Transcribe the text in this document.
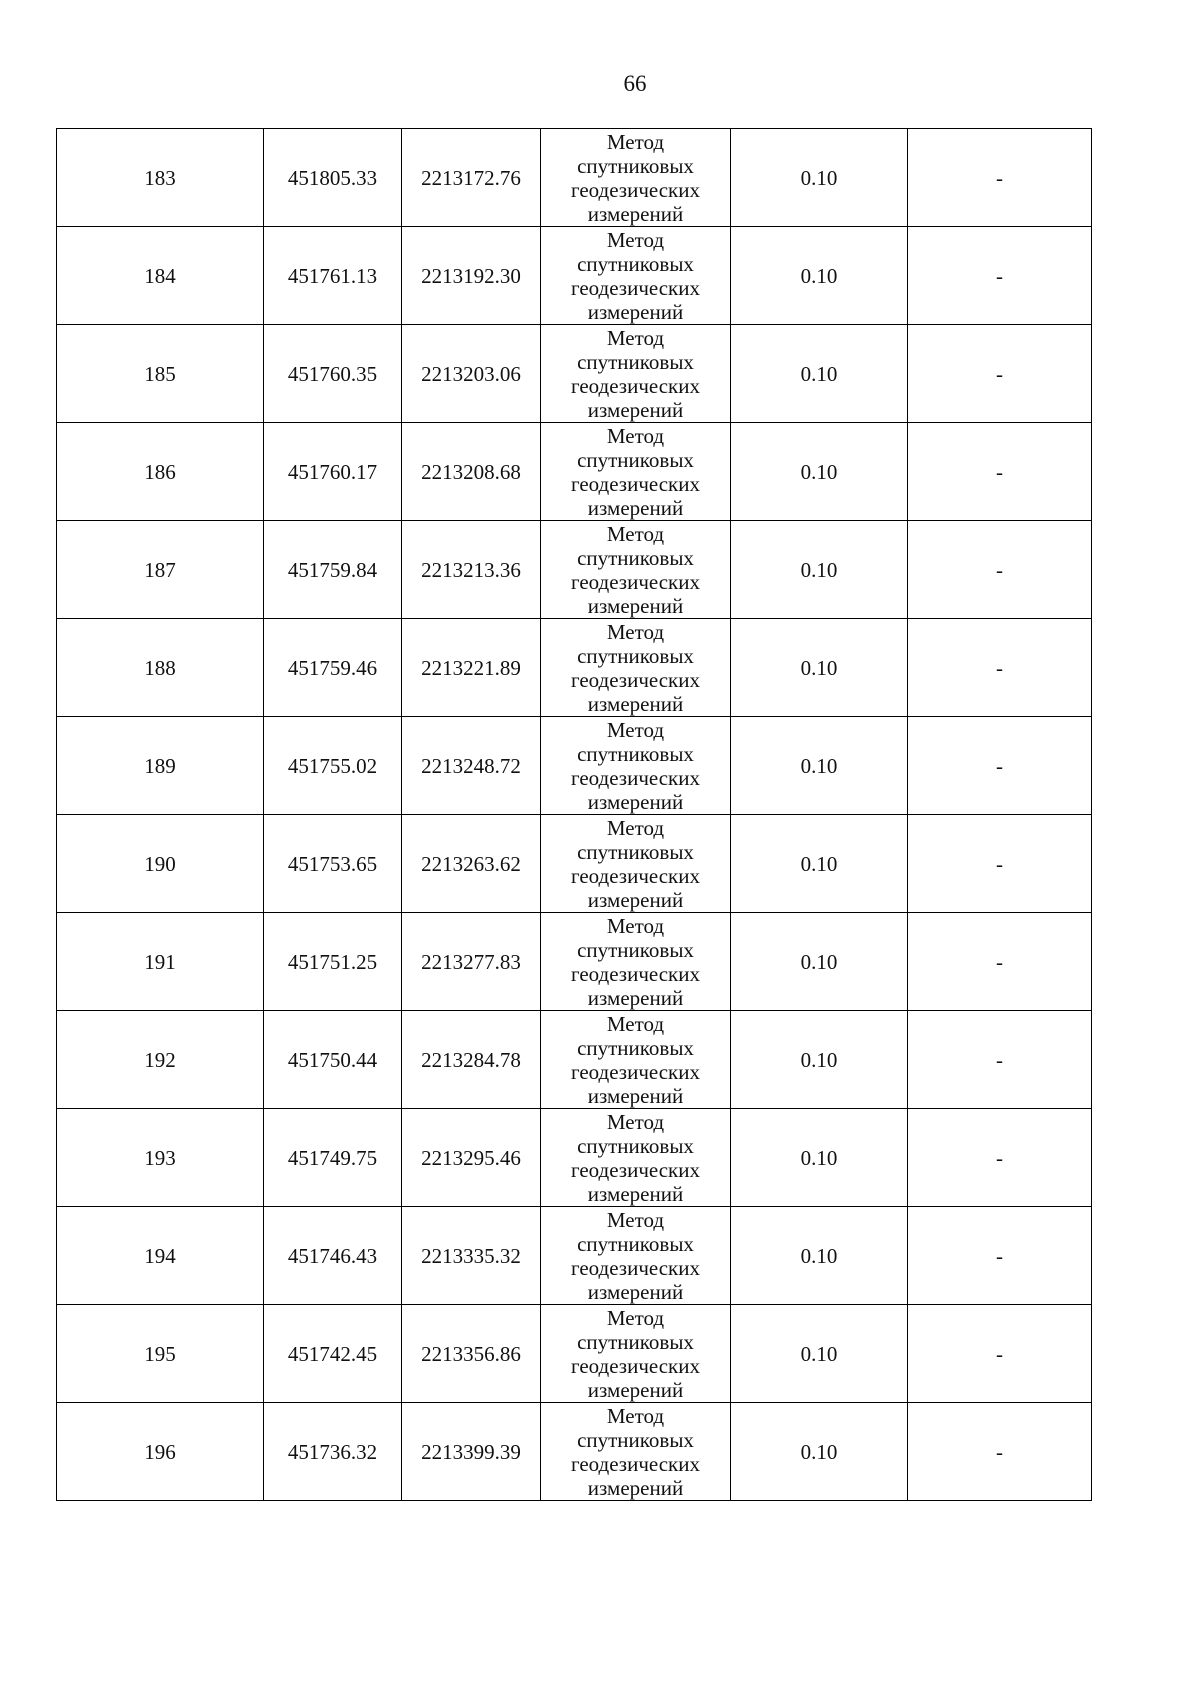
66
183	451805.33	2213172.76	Метод
спутниковых
геодезических
измерений	0.10	-
184	451761.13	2213192.30	Метод
спутниковых
геодезических
измерений	0.10	-
185	451760.35	2213203.06	Метод
спутниковых
геодезических
измерений	0.10	-
186	451760.17	2213208.68	Метод
спутниковых
геодезических
измерений	0.10	-
187	451759.84	2213213.36	Метод
спутниковых
геодезических
измерений	0.10	-
188	451759.46	2213221.89	Метод
спутниковых
геодезических
измерений	0.10	-
189	451755.02	2213248.72	Метод
спутниковых
геодезических
измерений	0.10	-
190	451753.65	2213263.62	Метод
спутниковых
геодезических
измерений	0.10	-
191	451751.25	2213277.83	Метод
спутниковых
геодезических
измерений	0.10	-
192	451750.44	2213284.78	Метод
спутниковых
геодезических
измерений	0.10	-
193	451749.75	2213295.46	Метод
спутниковых
геодезических
измерений	0.10	-
194	451746.43	2213335.32	Метод
спутниковых
геодезических
измерений	0.10	-
195	451742.45	2213356.86	Метод
спутниковых
геодезических
измерений	0.10	-
196	451736.32	2213399.39	Метод
спутниковых
геодезических
измерений	0.10	-
